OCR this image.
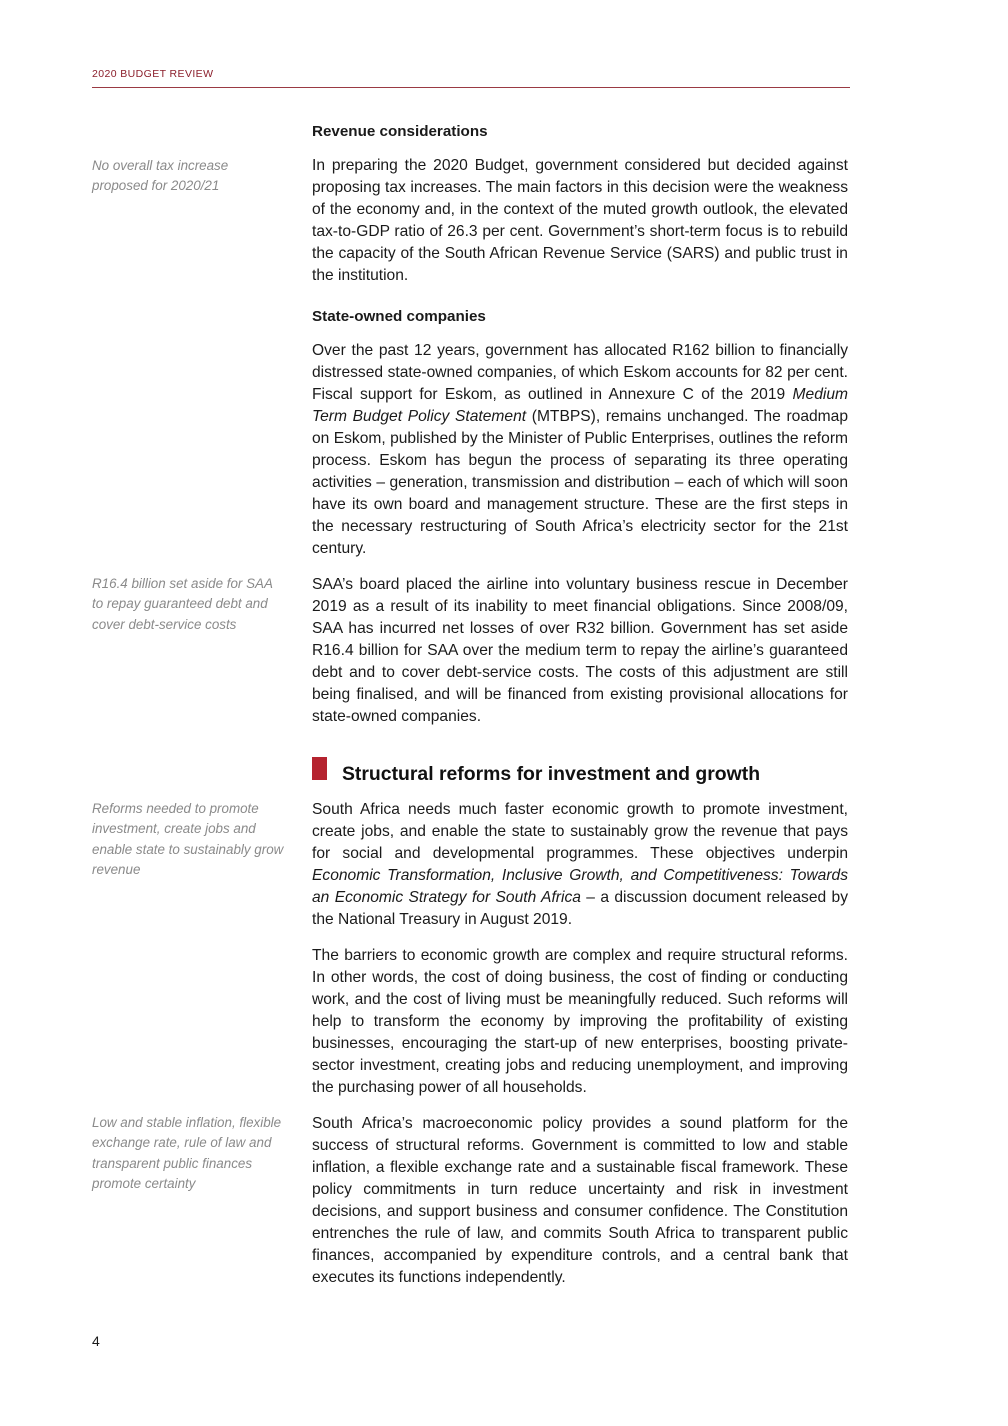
2020 BUDGET REVIEW
Revenue considerations
No overall tax increase proposed for 2020/21

In preparing the 2020 Budget, government considered but decided against proposing tax increases. The main factors in this decision were the weakness of the economy and, in the context of the muted growth outlook, the elevated tax-to-GDP ratio of 26.3 per cent. Government’s short-term focus is to rebuild the capacity of the South African Revenue Service (SARS) and public trust in the institution.

State-owned companies

Over the past 12 years, government has allocated R162 billion to financially distressed state-owned companies, of which Eskom accounts for 82 per cent. Fiscal support for Eskom, as outlined in Annexure C of the 2019 Medium Term Budget Policy Statement (MTBPS), remains unchanged. The roadmap on Eskom, published by the Minister of Public Enterprises, outlines the reform process. Eskom has begun the process of separating its three operating activities – generation, transmission and distribution – each of which will soon have its own board and management structure. These are the first steps in the necessary restructuring of South Africa’s electricity sector for the 21st century.

R16.4 billion set aside for SAA to repay guaranteed debt and cover debt-service costs

SAA’s board placed the airline into voluntary business rescue in December 2019 as a result of its inability to meet financial obligations. Since 2008/09, SAA has incurred net losses of over R32 billion. Government has set aside R16.4 billion for SAA over the medium term to repay the airline’s guaranteed debt and to cover debt-service costs. The costs of this adjustment are still being finalised, and will be financed from existing provisional allocations for state-owned companies.

Structural reforms for investment and growth
Reforms needed to promote investment, create jobs and enable state to sustainably grow revenue

South Africa needs much faster economic growth to promote investment, create jobs, and enable the state to sustainably grow the revenue that pays for social and developmental programmes. These objectives underpin Economic Transformation, Inclusive Growth, and Competitiveness: Towards an Economic Strategy for South Africa – a discussion document released by the National Treasury in August 2019.

The barriers to economic growth are complex and require structural reforms. In other words, the cost of doing business, the cost of finding or conducting work, and the cost of living must be meaningfully reduced. Such reforms will help to transform the economy by improving the profitability of existing businesses, encouraging the start-up of new enterprises, boosting private-sector investment, creating jobs and reducing unemployment, and improving the purchasing power of all households.

Low and stable inflation, flexible exchange rate, rule of law and transparent public finances promote certainty

South Africa’s macroeconomic policy provides a sound platform for the success of structural reforms. Government is committed to low and stable inflation, a flexible exchange rate and a sustainable fiscal framework. These policy commitments in turn reduce uncertainty and risk in investment decisions, and support business and consumer confidence. The Constitution entrenches the rule of law, and commits South Africa to transparent public finances, accompanied by expenditure controls, and a central bank that executes its functions independently.

4
